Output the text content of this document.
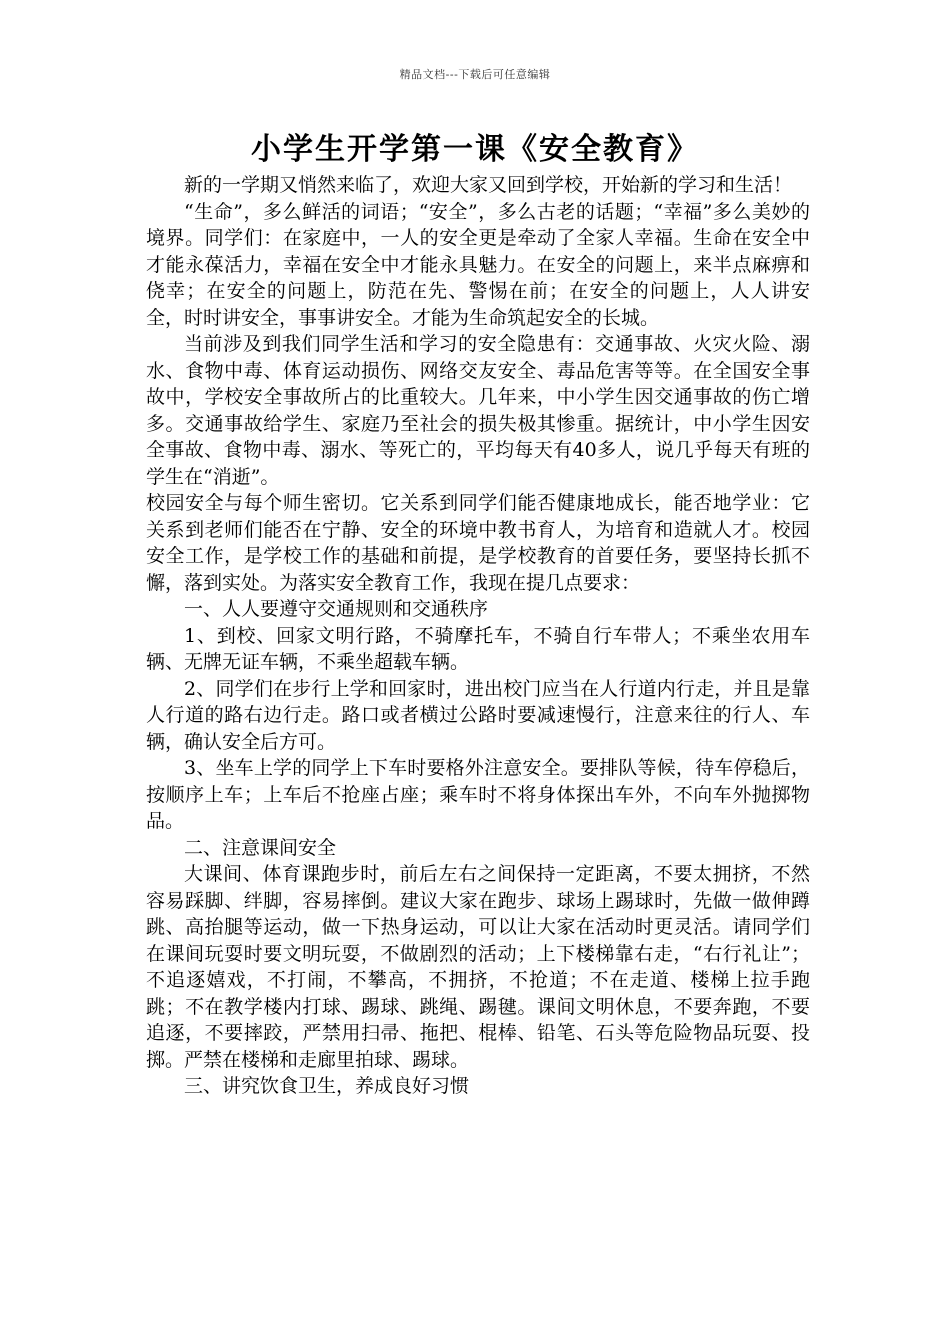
精品文档---下载后可任意编辑
小学生开学第一课《安全教育》

新的一学期又悄然来临了，欢迎大家又回到学校，开始新的学习和生活！

“生命”，多么鲜活的词语；“安全”，多么古老的话题；“幸福”多么美妙的境界。同学们：在家庭中，一人的安全更是牵动了全家人幸福。生命在安全中才能永葆活力，幸福在安全中才能永具魅力。在安全的问题上，来半点麻痹和侥幸；在安全的问题上，防范在先、警惕在前；在安全的问题上，人人讲安全，时时讲安全，事事讲安全。才能为生命筑起安全的长城。

当前涉及到我们同学生活和学习的安全隐患有：交通事故、火灾火险、溺水、食物中毒、体育运动损伤、网络交友安全、毒品危害等等。在全国安全事故中，学校安全事故所占的比重较大。几年来，中小学生因交通事故的伤亡增多。交通事故给学生、家庭乃至社会的损失极其惨重。据统计，中小学生因安全事故、食物中毒、溺水、等死亡的，平均每天有40多人，说几乎每天有班的学生在“消逝”。

校园安全与每个师生密切。它关系到同学们能否健康地成长，能否地学业：它关系到老师们能否在宁静、安全的环境中教书育人，为培育和造就人才。校园安全工作，是学校工作的基础和前提，是学校教育的首要任务，要坚持长抓不懈，落到实处。为落实安全教育工作，我现在提几点要求：

一、人人要遵守交通规则和交通秩序

1、到校、回家文明行路，不骑摩托车，不骑自行车带人；不乘坐农用车辆、无牌无证车辆，不乘坐超载车辆。

2、同学们在步行上学和回家时，进出校门应当在人行道内行走，并且是靠人行道的路右边行走。路口或者横过公路时要减速慢行，注意来往的行人、车辆，确认安全后方可。

3、坐车上学的同学上下车时要格外注意安全。要排队等候，待车停稳后，按顺序上车；上车后不抢座占座；乘车时不将身体探出车外，不向车外抛掷物品。

二、注意课间安全

大课间、体育课跑步时，前后左右之间保持一定距离，不要太拥挤，不然容易踩脚、绊脚，容易摔倒。建议大家在跑步、球场上踢球时，先做一做伸蹲跳、高抬腿等运动，做一下热身运动，可以让大家在活动时更灵活。请同学们在课间玩耍时要文明玩耍，不做剧烈的活动；上下楼梯靠右走，“右行礼让”；不追逐嬉戏，不打闹，不攀高，不拥挤，不抢道；不在走道、楼梯上拉手跑跳；不在教学楼内打球、踢球、跳绳、踢毽。课间文明休息，不要奔跑，不要追逐，不要摔跤，严禁用扫帚、拖把、棍棒、铅笔、石头等危险物品玩耍、投掷。严禁在楼梯和走廊里拍球、踢球。

三、讲究饮食卫生，养成良好习惯
